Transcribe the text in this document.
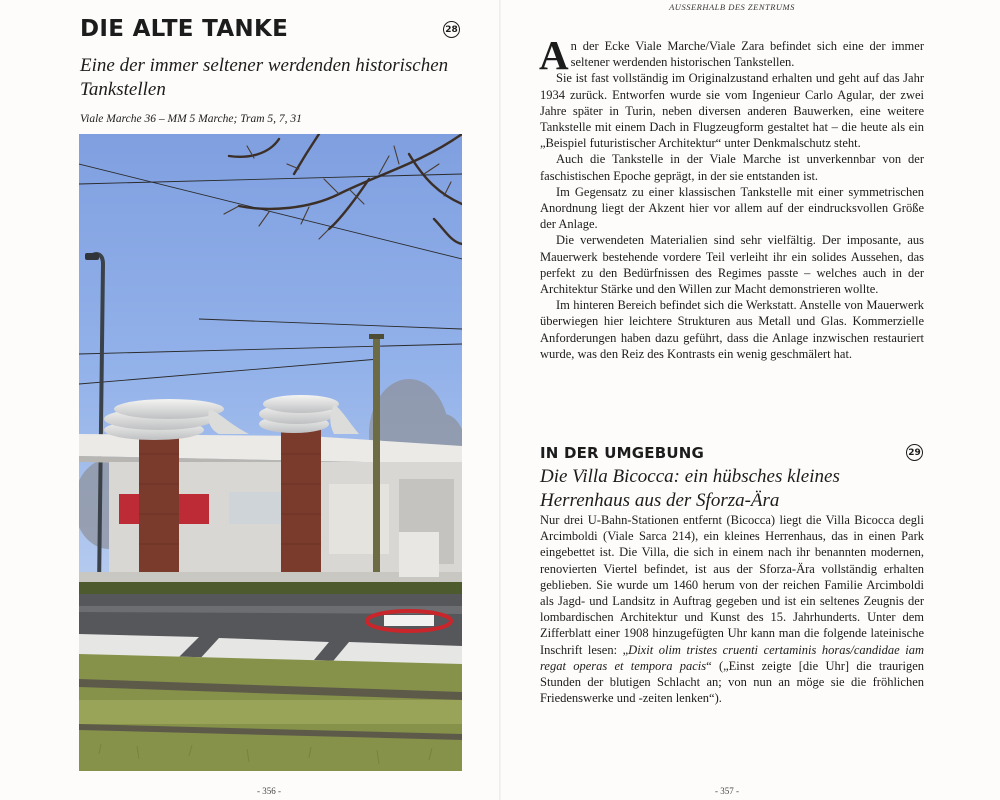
DIE ALTE TANKE	28
Eine der immer seltener werdenden historischen Tankstellen
Viale Marche 36 – MM 5 Marche; Tram 5, 7, 31
- 356 -
AUSSERHALB DES ZENTRUMS

An der Ecke Viale Marche/Viale Zara befindet sich eine der immer seltener werdenden historischen Tankstellen.

Sie ist fast vollständig im Originalzustand erhalten und geht auf das Jahr 1934 zurück. Entworfen wurde sie vom Ingenieur Carlo Agular, der zwei Jahre später in Turin, neben diversen anderen Bauwerken, eine weitere Tankstelle mit einem Dach in Flugzeugform gestaltet hat – die heute als ein „Beispiel futuristischer Architektur“ unter Denkmalschutz steht.

Auch die Tankstelle in der Viale Marche ist unverkennbar von der faschistischen Epoche geprägt, in der sie entstanden ist.

Im Gegensatz zu einer klassischen Tankstelle mit einer symmetrischen Anordnung liegt der Akzent hier vor allem auf der eindrucksvollen Größe der Anlage.

Die verwendeten Materialien sind sehr vielfältig. Der imposante, aus Mauerwerk bestehende vordere Teil verleiht ihr ein solides Aussehen, das perfekt zu den Bedürfnissen des Regimes passte – welches auch in der Architektur Stärke und den Willen zur Macht demonstrieren wollte.

Im hinteren Bereich befindet sich die Werkstatt. Anstelle von Mauerwerk überwiegen hier leichtere Strukturen aus Metall und Glas. Kommerzielle Anforderungen haben dazu geführt, dass die Anlage inzwischen restauriert wurde, was den Reiz des Kontrasts ein wenig geschmälert hat.

IN DER UMGEBUNG	29
Die Villa Bicocca: ein hübsches kleines Herrenhaus aus der Sforza-Ära

Nur drei U-Bahn-Stationen entfernt (Bicocca) liegt die Villa Bicocca degli Arcimboldi (Viale Sarca 214), ein kleines Herrenhaus, das in einen Park eingebettet ist. Die Villa, die sich in einem nach ihr benannten modernen, renovierten Viertel befindet, ist aus der Sforza-Ära vollständig erhalten geblieben. Sie wurde um 1460 herum von der reichen Familie Arcimboldi als Jagd- und Landsitz in Auftrag gegeben und ist ein seltenes Zeugnis der lombardischen Architektur und Kunst des 15. Jahrhunderts. Unter dem Zifferblatt einer 1908 hinzugefügten Uhr kann man die folgende lateinische Inschrift lesen: „Dixit olim tristes cruenti certaminis horas/candidae iam regat operas et tempora pacis“ („Einst zeigte [die Uhr] die traurigen Stunden der blutigen Schlacht an; von nun an möge sie die fröhlichen Friedenswerke und -zeiten lenken“).

- 357 -
